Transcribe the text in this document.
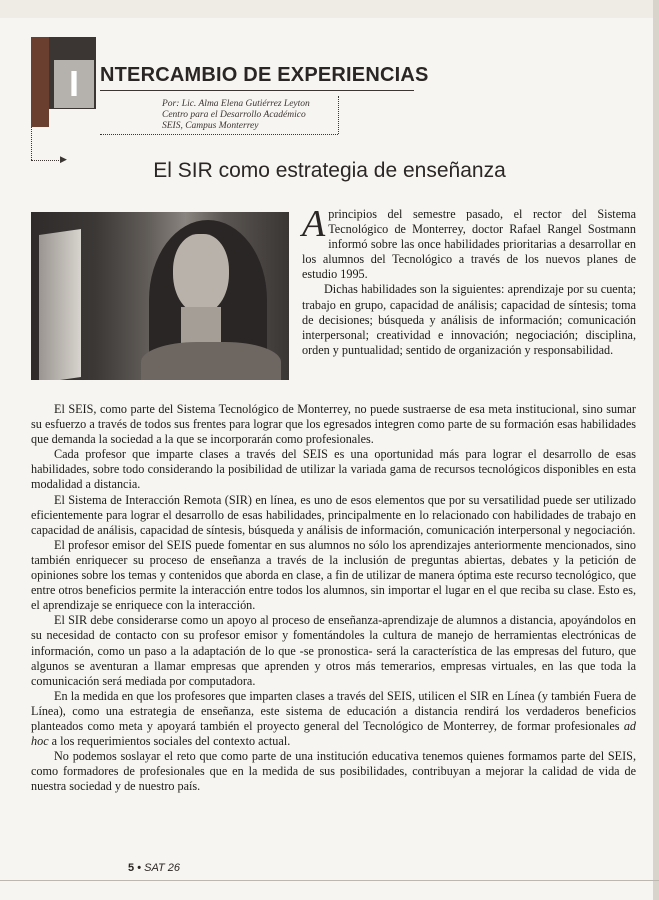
I	NTERCAMBIO DE EXPERIENCIAS
Por: Lic. Alma Elena Gutiérrez Leyton
Centro para el Desarrollo Académico
SEIS, Campus Monterrey
▶	El SIR como estrategia de enseñanza

Aprincipios del semestre pasado, el rector del Sistema Tecnológico de Monterrey, doctor Rafael Rangel Sostmann informó sobre las once habilidades prioritarias a desarrollar en los alumnos del Tecnológico a través de los nuevos planes de estudio 1995.

Dichas habilidades son la siguientes: aprendizaje por su cuenta; trabajo en grupo, capacidad de análisis; capacidad de síntesis; toma de decisiones; búsqueda y análisis de información; comunicación interpersonal; creatividad e innovación; negociación; disciplina, orden y puntualidad; sentido de organización y responsabilidad.

El SEIS, como parte del Sistema Tecnológico de Monterrey, no puede sustraerse de esa meta institucional, sino sumar su esfuerzo a través de todos sus frentes para lograr que los egresados integren como parte de su formación esas habilidades que demanda la sociedad a la que se incorporarán como profesionales.

Cada profesor que imparte clases a través del SEIS es una oportunidad más para lograr el desarrollo de esas habilidades, sobre todo considerando la posibilidad de utilizar la variada gama de recursos tecnológicos disponibles en esta modalidad a distancia.

El Sistema de Interacción Remota (SIR) en línea, es uno de esos elementos que por su versatilidad puede ser utilizado eficientemente para lograr el desarrollo de esas habilidades, principalmente en lo relacionado con habilidades de trabajo en capacidad de análisis, capacidad de síntesis, búsqueda y análisis de información, comunicación interpersonal y negociación.

El profesor emisor del SEIS puede fomentar en sus alumnos no sólo los aprendizajes anteriormente mencionados, sino también enriquecer su proceso de enseñanza a través de la inclusión de preguntas abiertas, debates y la petición de opiniones sobre los temas y contenidos que aborda en clase, a fin de utilizar de manera óptima este recurso tecnológico, que entre otros beneficios permite la interacción entre todos los alumnos, sin importar el lugar en el que reciba su clase. Esto es, el aprendizaje se enriquece con la interacción.

El SIR debe considerarse como un apoyo al proceso de enseñanza-aprendizaje de alumnos a distancia, apoyándolos en su necesidad de contacto con su profesor emisor y fomentándoles la cultura de manejo de herramientas electrónicas de información, como un paso a la adaptación de lo que -se pronostica- será la característica de las empresas del futuro, que algunos se aventuran a llamar empresas que aprenden y otros más temerarios, empresas virtuales, en las que toda la comunicación será mediada por computadora.

En la medida en que los profesores que imparten clases a través del SEIS, utilicen el SIR en Línea (y también Fuera de Línea), como una estrategia de enseñanza, este sistema de educación a distancia rendirá los verdaderos beneficios planteados como meta y apoyará también el proyecto general del Tecnológico de Monterrey, de formar profesionales ad hoc a los requerimientos sociales del contexto actual.

No podemos soslayar el reto que como parte de una institución educativa tenemos quienes formamos parte del SEIS, como formadores de profesionales que en la medida de sus posibilidades, contribuyan a mejorar la calidad de vida de nuestra sociedad y de nuestro país.

5 • SAT 26
